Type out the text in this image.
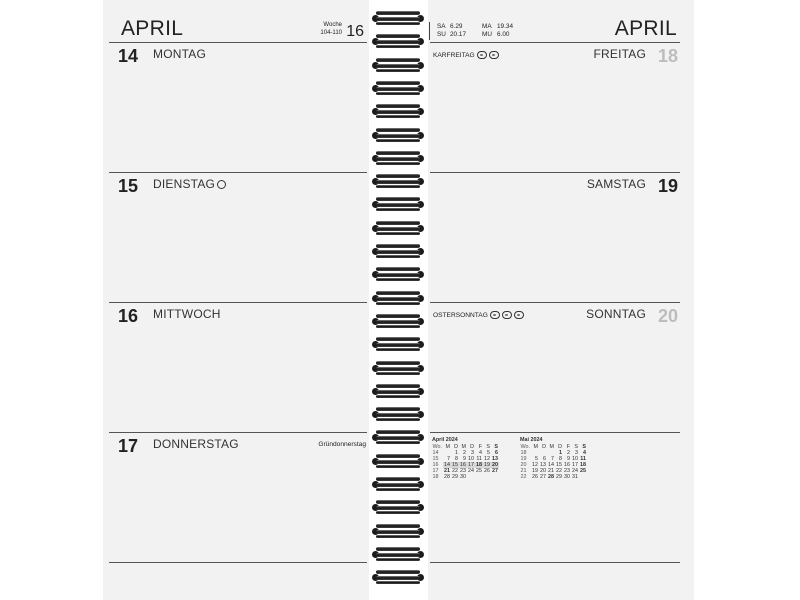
APRIL	Woche
104-110 16
14 MONTAG
15 DIENSTAG
16 MITTWOCH
17 DONNERSTAG	Gründonnerstag
SA 6.29	MA 19.34
SU 20.17	MU 6.00	APRIL
KARFREITAG	FREITAG 18
SAMSTAG 19
OSTERSONNTAG	SONNTAG 20
April 2024
Wo.	M	D	M	D	F	S	S
14		1	2	3	4	5	6
15	7	8	9	10	11	12	13
16	14	15	16	17	18	19	20
17	21	22	23	24	25	26	27
18	28	29	30				
Mai 2024
Wo.	M	D	M	D	F	S	S
18				1	2	3	4
19	5	6	7	8	9	10	11
20	12	13	14	15	16	17	18
21	19	20	21	22	23	24	25
22	26	27	28	29	30	31	
